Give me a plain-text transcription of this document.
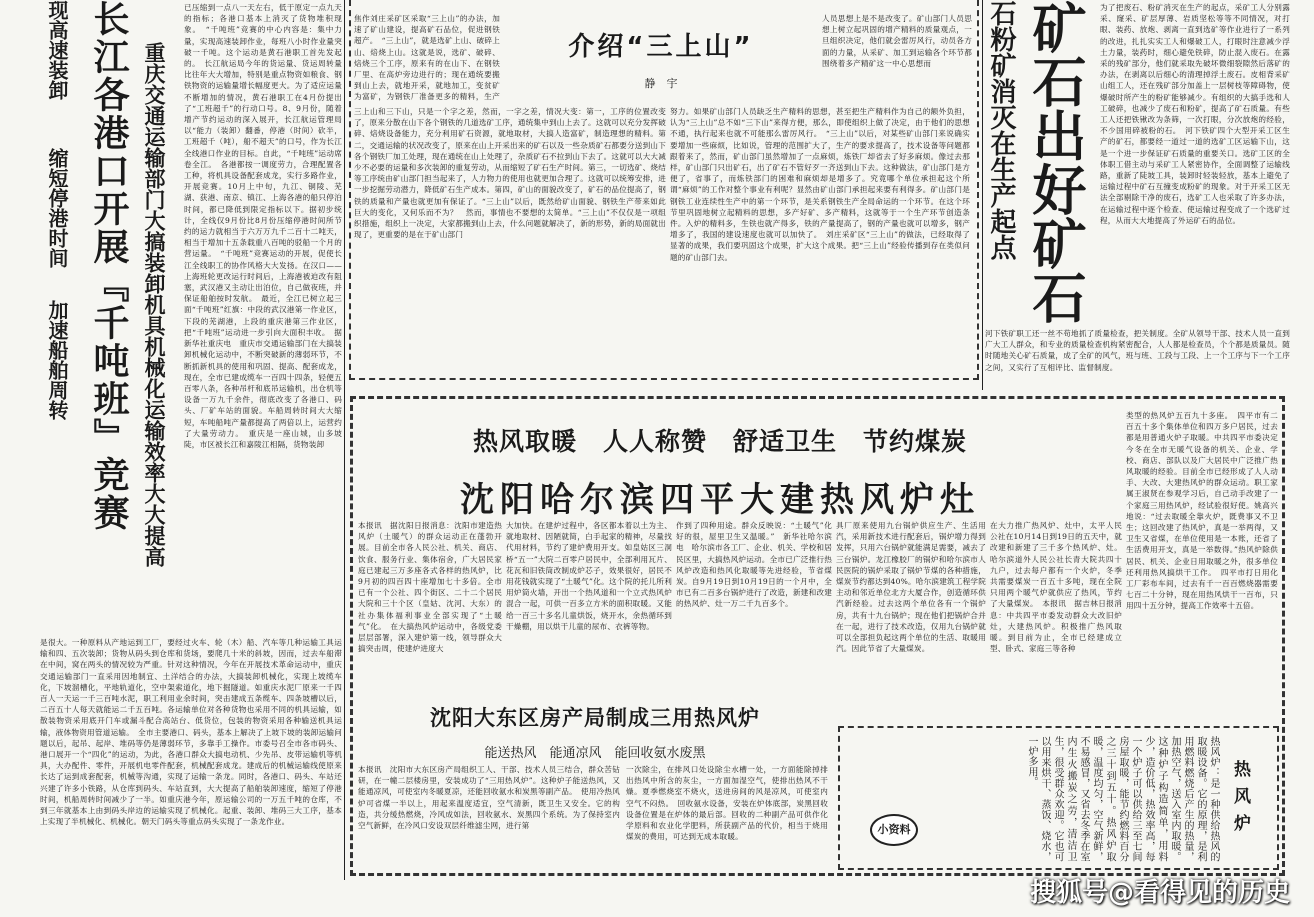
现高速装卸
缩短停港时间
加速船舶周转 长江各港口开展『千吨班』竞赛 重庆交通运输部门大搞装卸机具机械化运输效率大大提高
已压缩到一点八一天左右，低于原定一点九天的指标；各港口基本上消灭了货物堆积现象。　“千吨班”竞赛的中心内容是：集中力量，实现高速装卸作业，每班八小时作业量突破一千吨。这个运动是黄石港职工首先发起的。　长江航运局今年的货运量、货运周转量比往年大大增加，特别是重点物资如粮食、钢铁物资的运输量增长幅度更大。为了适应运量不断增加的情况，黄石港职工在4月份提出了“工班超千”的行动口号。8、9月份，随着增产节约运动的深入展开，长江航运管理局以“能力（装卸）翻番，停港（时间）砍半，工班超千（吨），船不超天”的口号，作为长江全线港口作业的目标。自此，“千吨班”运动席卷全江。　各港都按一调度劳力，合理配置各工种，将机具设备配套成龙，实行多路作业，开展竞赛。10月上中旬，九江、铜陵、芜湖、获港、南京、镇江、上海各港的船只停泊时间，都已降低到限定指标以下。据初步统计，全线仅9月份比8月份压缩停港时间所节约的运力就相当于六万万九千二百十二吨天，相当于增加十五条载重八百吨的驳船一个月的营运量。　“千吨班”竞赛运动的开展，促使长江全线职工的协作风格大大发扬。在汉口——上海班轮更改运行时间后，上海港被迫改有阻塞，武汉港又主动让出泊位，自己做夜班，并保证船舶按时发航。　最近，全江已树立起三面“千吨班”红旗：中段的武汉港第一作业区，下段的芜湖港，上段的重庆港第三作业区，把“千吨班”运动进一步引向大面积丰收。　据新华社重庆电　重庆市交通运输部门在大搞装卸机械化运动中，不断突破新的薄弱环节，不断抓新机具的使用和巩固、提高、配套成龙，现在，全市已建成缆车一百四十四条，轻便五百零八条，各种吊杆和底吊运输机，出仓机等设备一万九千余件，彻底改变了各港口、码头、厂矿车站的面貌。车船周转时间大大缩短，车吨船吨产量都提高了两倍以上，运营约了大量劳动力。　重庆是一座山城，山多坡陡，市区被长江和嘉陵江相隔，货物装卸
是很大。一种原料从产地运到工厂，要经过火车、轮（木）船、汽车等几种运输工具运输和四、五次装卸；货物从码头到仓库和货场，要爬几十米的斜坡，因而，过去车船滞在中间，窝在两头的情况较为严重。针对这种情况，今年在开展技术革命运动中，重庆交通运输部门一直采用因地制宜、土洋结合的办法，大搞装卸机械化，实现上坡缆车化，下坡溜槽化，平地轨道化，空中架索道化，地下掘隧道。如重庆水泥厂原来一千四百人一天运一千三百吨水泥，职工利用业余时间，突击建成五条缆车、四条坡槽以后，二百五十人每天就能运二千五百吨。各运输单位对各种货物也采用不同的机具运输，如散装物资采用底开门车或漏斗配合高站台、低货位，包装的物资采用各种输送机具运输，液体物资用管道运输。　全市主要港口、码头，基本上解决了上坡下坡的装卸运输问题以后，起吊、起岸、堆码等仍是薄弱环节，多靠手工操作。市委号召全市各市码头、港口展开一个“四化”的运动，为此，各港口群众大搞电动机、少先吊、皮带运输机等机具，大办配件、零件，开展机电零件配套，机械配套成龙。建成后的机械运输线使原来长达了运到成套配套，机械等沟通，实现了运输一条龙。同时，各港口、码头、车站还兴建了许多小铁路，从仓库到码头、车站直到，大大提高了船舶装卸速度，缩短了停港时间，机船周转时间减少了一半。如重庆港今年，原运输公司的一万五千吨的仓库，不到三年就基本上由到码头岸边的运输实现了机械化。起重、装卸、堆码三大工序，基本上实现了半机械化、机械化。朝天门码头等重点码头实现了一条龙作业。
焦作刘庄采矿区采取“三上山”的办法，加速了矿山建设，提高矿石品位，促进钢铁超产。　“三上山”，就是选矿上山、破碎上山、焙烧上山。这就是说，选矿、破碎、焙烧三个工序，原来有的在山下、在钢铁厂里、在高炉旁边进行的；现在通统要搬到山上去，就地开采，就地加工，变贫矿为富矿，为钢铁厂准备更多的精料，生产
介绍“三上山”
静　宇
人员思想上是不是改变了。矿山部门人员思想上树立起巩固的增产精料的质量观点，一旦组织决定，他们就会雷厉风行，动员各方面的力量，从采矿、加工到运输各个环节都围绕着多产精矿这一中心思想而
三上山和三下山，只是一个字之差，然而，一字之差，情况大变：第一，工序的位置改变了，原来分散在山下各个钢铁的几道选矿工序，通统集中到山上去了。这就可以充分发挥破碎、焙烧设备能力，充分利用矿石资源，就地取材，大搞人造富矿，制造理想的精料。第二，交通运输的状况改变了，原来在山上开采出来的矿石以及一些杂质矿石都要分送到山下各个钢铁厂加工处理，现在通统在山上处理了，杂质矿石不拉到山下去了。这就可以大大减少不必要的运量和多次装卸的重复劳动，从而缩短了矿石生产时间。第三，一切选矿、烧结等工序统由矿山部门担当起来了，人力物力的使用也就更加合理了。这就可以统筹安排，进一步挖掘劳动潜力，降低矿石生产成本。第四，矿山的面貌改变了，矿石的品位提高了，钢铁的质量和产量也就更加有保证了。“三上山”以后，既然给矿山面貌、钢铁生产带来如此巨大的变化，又何乐而不为？　然而，事情也不要想的太简单。“三上山”不仅仅是一项组织措施，组织上一决定，大家都搬到山上去，什么问题就解决了，新的形势，新的局面就出现了，更重要的是在于矿山部门
努力。如果矿山部门人员缺乏生产精料的思想，甚至把生产精料作为自己的额外负担，认为“三上山”总不如“三下山”来得方便，那么，即使组织上做了决定，由于他们的思想不通，执行起来也就不可能那么雷厉风行。　“三上山”以后，对某些矿山部门来说确实要增加一些麻烦，比如说，管理的范围扩大了，生产的要求提高了，技术设备等问题都跟着来了，然而，矿山部门虽然增加了一点麻烦，炼铁厂却省去了好多麻烦。像过去那样，矿山部门只出矿石，出了矿石不管好歹一齐送到山下去。这种做法，矿山部门是方便了，省事了，而炼铁部门的困难和麻烦却是增多了。究竟哪个单位承担起这个所谓“麻烦”的工作对整个事业有利呢？显然由矿山部门承担起来要有利得多。矿山部门是钢铁工业连续性生产中的第一个环节，是关系钢铁生产全局命运的一个环节。在这个环节里巩固地树立起精料的思想，多产好矿、多产精料，这就等于一个生产环节创造条件。入炉的精料多，生铁也就产得多，铁的产量提高了，钢的产量也就可以增多，钢产增多了，我国的建设速度也就可以加快了。　刘庄采矿区“三上山”的做法，已经取得了显著的成果，我们要巩固这个成果，扩大这个成果。把“三上山”经验传播到存在类似问题的矿山部门去。	石粉矿消灭在生产起点 矿石出好矿石 为了把废石、粉矿消灭在生产的起点，采矿工人分别露采、窿采、矿层厚薄、岩质坚松等等不同情况，对打眼、装药、放炮、剥离一直到选矿等作业进行了一系列的改进，扎扎实实工人和爆破工人，打眼时注意减少浮土力量，装药时，细心避免铁碎，防止混入废石。在露采的残矿部分，他们就采取先破坏微细裂隙然后落矿的办法，在剥离以后细心的清理掉浮土废石。皮相背采矿山组工人，还在残矿部分加盖上一层树枝等障碍物，使爆破时所产生的粉矿能够减少。有组织的大搞手选和人工破碎，也减少了废石和粉矿，提高了矿石质量。有些工人还把铁锹改为条筛，一次打眼，分次放炮的经验，不少国用碎被粉的石。　河下铁矿四个大型开采工区生产的矿石，都要经一道过一道的选矿工区运输下山，这是一个进一步保证矿石质量的重要关口。选矿工区的全体职工借主动与采矿工人紧密协作，全面调整了运输线路，重新了陡坡工具，装卸时轻装轻放，基本上避免了运输过程中矿石互撞变成粉矿的现象。对于开采工区无法全部剔除干净的废石，选矿工人也采取了许多办法，在运输过程中逐个检查、使运输过程变成了一个选矿过程，从而大大地提高了外运矿石的品位。
河下铁矿职工还一丝不苟地抓了质量检查，把关制度。全矿从领导干部、技术人员一直到广大工人群众，和专业的质量检查机构紧密配合，人人都是检查员，个个都是质量员。随时随地关心矿石质量，成了全矿的风气，班与班、工段与工段、上一个工序与下一个工序之间，又实行了互相评比、监督制度。
热风取暖　人人称赞　舒适卫生　节约煤炭
沈阳哈尔滨四平大建热风炉灶
类型的热风炉五百九十多座。　四平市有二百五十多个集体单位和四万多户居民，过去都是用普通火炉子取暖。中共四平市委决定今冬在全市无暖气设备的机关、企业、学校、商店、部队以及广大居民中广泛推广热风取暖的经验。目前全市已经形成了人人动手、大改、大建热风炉的群众运动。职工家属王淑贤在参观学习后，自己动手改建了一个家庭三用热风炉，经试验很好使。姚高兴地说：“过去取暖全靠火炉，既费事又不卫生；这回改建了热风炉，真是一举两得，又卫生又省煤，在单位使用是一本账，还省了生活费用开支，真是一举数得。”热风炉除供居民、机关、企业日用取暖之外，很多单位还利用热风搞烘干工作。　四平市打日用化工厂彩布车间，过去有千一百百燃烧器需要七百二十分钟，现在用热风烘干一百布，只用四十五分钟，提高工作效率十五倍。
本报讯　据沈阳日报消息：沈阳市建造热风炉（土暖气）的群众运动正在蓬勃开展。目前全市各人民公社、机关、商店、饮食、服务行业、集体宿舍，广大居民家庭已建起三万多座各式各样的热风炉，比9月初的四百四十座增加七十多倍。全市已有一个公社、四个街区、二十二个居民大院和三十个区（皇姑、沈河、大东）的社办集体福利事业全部实现了“土暖气”化。　在大搞热风炉运动中，各级党委层层部署，深入建炉第一线，领导群众大搞突击周，使建炉进度大
大加快。在建炉过程中，各区都本着以土为主、就地取材、因陋就简，白手起家的精神，尽量找代用材料，节约了建炉费用开支。如皇姑区三洞桥“五一”大院二百零户居民中，全部利用瓦片、花瓦和旧铁筒改制成炉芯子，效果很好，居民不用花钱就实现了“土暖气”化。这个院的托儿所利用炉筒火墙，开出一个热风道和一个立式热风炉混合一起，可供一百多立方米的面积取暖。又能给一百三十多名儿童烘饭，烧开水，余热循环到干燥棚，用以烘干儿童的尿布、衣裤等物。
作到了四种用途。群众反映说：“土暖气”化好的很，屋里卫生又温暖。”　新华社哈尔滨电　哈尔滨市各工厂、企业、机关、学校和居民区里，大搞热风炉运动。全市已广泛推行热风炉改造和热风化取暖等先进经验，节省煤炭。自9月19日到10月19日的一个月中，全市已有二百多台锅炉进行了改造，新建和改建的热风炉、灶一万二千九百多个。
具厂原来使用九台锅炉供应生产、生活用汽，采用新技术进行配套后，锅炉增力得到发挥，只用六台锅炉就能满足需要，减去了三台锅炉。龙江橡胶厂的锅炉和哈尔滨市人民医院的锅炉采取了锅炉节煤的各种措施，煤炭节约都达到40%。哈尔滨建筑工程学院主动和邻近单位北方大厦合作，创造循环供汽新经验。过去这两个单位各有一个锅炉房，共有十九台锅炉；现在他们把锅炉合并在一起，进行了技术改造，仅用九台锅炉就可以全部担负起这两个单位的生活、取暖用汽。因此节省了大量煤炭。
在大力推广热风炉、灶中，太平人民公社在10月14日到19日的五天中，就改建和新建了三千多个热风炉、灶。哈尔滨道外人民公社长青大院共四十九户，过去每户都有一个火炉，冬季共需要煤炭一百五十多吨，现在全院只用两个暖气炉就供应了热风，节约了大量煤炭。　本报讯　据吉林日报消息：中共四平市委发动群众大改旧炉灶，大建热风炉。积极推广热风取暖。到目前为止，全市已经建成立型、卧式、家庭三等各种
沈阳大东区房产局制成三用热风炉
能送热风　能通凉风　能回收氨水废黑
本报讯　沈阳市大东区房产局组织工人、干部、技术人员三结合，群众苦钻研，在一幢二层楼房里，安装成功了“三用热风炉”。这种炉子能送热风，又能通凉风，可使室内冬暖夏凉，还能回收氨水和炭黑等副产品。　使用冷热风炉可省煤一半以上，用起来温度适宜，空气清新，既卫生又安全。它的构造，共分缓热燃烧，冷风成如法，回收氨水、炭黑四个系统。为了保持室内空气新鲜，在冷风口安设双层纤维滤尘网，进行第
一次除尘，在排风口处设除尘水槽一处，一方面能除掉排出热风中所含的灰尘，一方面加湿空气，使排出热风不干燥。夏季燃烧室不烧火，送进房间的风是凉风，可使室内空气不闷热。　回收氨水设备，安装在炉体底部，炭黑回收设备位置是在炉体的最后部。回收的二种副产品可供作化学原料和农业化学肥料，所获副产品的代价，相当于烧用煤炭的费用，可达到无成本取暖。	热风炉：是一种供给热风的取暖设备。它的原理，是利用燃料燃烧后产生的热量，加热空气，送入室内取暖。这种炉子构造简单，用料少，造价低，热效率高，每一个炉子可以供给三至七间房屋取暖，能节约燃料百分之三十到五十。热风炉取暖，温度均匀，空气新鲜，不易感冒，又省去冬季在室内生火搬炭之劳，清洁卫生，很受群众欢迎。它也可以用来烘干、蒸饭、烧水，一炉多用。	热风炉
小资料
搜狐号@看得见的历史
